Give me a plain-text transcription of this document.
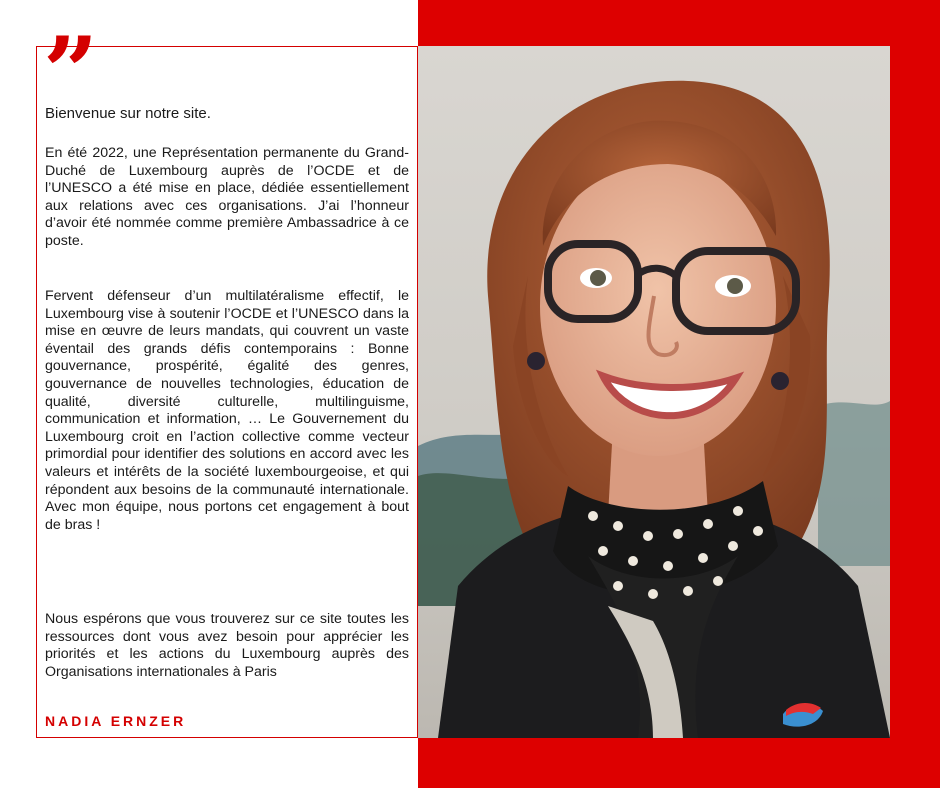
”

Bienvenue sur notre site.

En été 2022, une Représentation permanente du Grand-Duché de Luxembourg auprès de l’OCDE et de l’UNESCO a été mise en place, dédiée essentiellement aux relations avec ces organisations. J’ai l’honneur d’avoir été nommée comme première Ambassadrice à ce poste.

Fervent défenseur d’un multilatéralisme effectif, le Luxembourg vise à soutenir l’OCDE et l’UNESCO dans la mise en œuvre de leurs mandats, qui couvrent un vaste éventail des grands défis contemporains : Bonne gouvernance, prospérité, égalité des genres, gouvernance de nouvelles technologies, éducation de qualité, diversité culturelle, multilinguisme, communication et information, … Le Gouvernement du Luxembourg croit en l’action collective comme vecteur primordial pour identifier des solutions en accord avec les valeurs et intérêts de la société luxembourgeoise, et qui répondent aux besoins de la communauté internationale. Avec mon équipe, nous portons cet engagement à bout de bras !

Nous espérons que vous trouverez sur ce site toutes les ressources dont vous avez besoin pour apprécier les priorités et les actions du Luxembourg auprès des Organisations internationales à Paris

NADIA ERNZER
